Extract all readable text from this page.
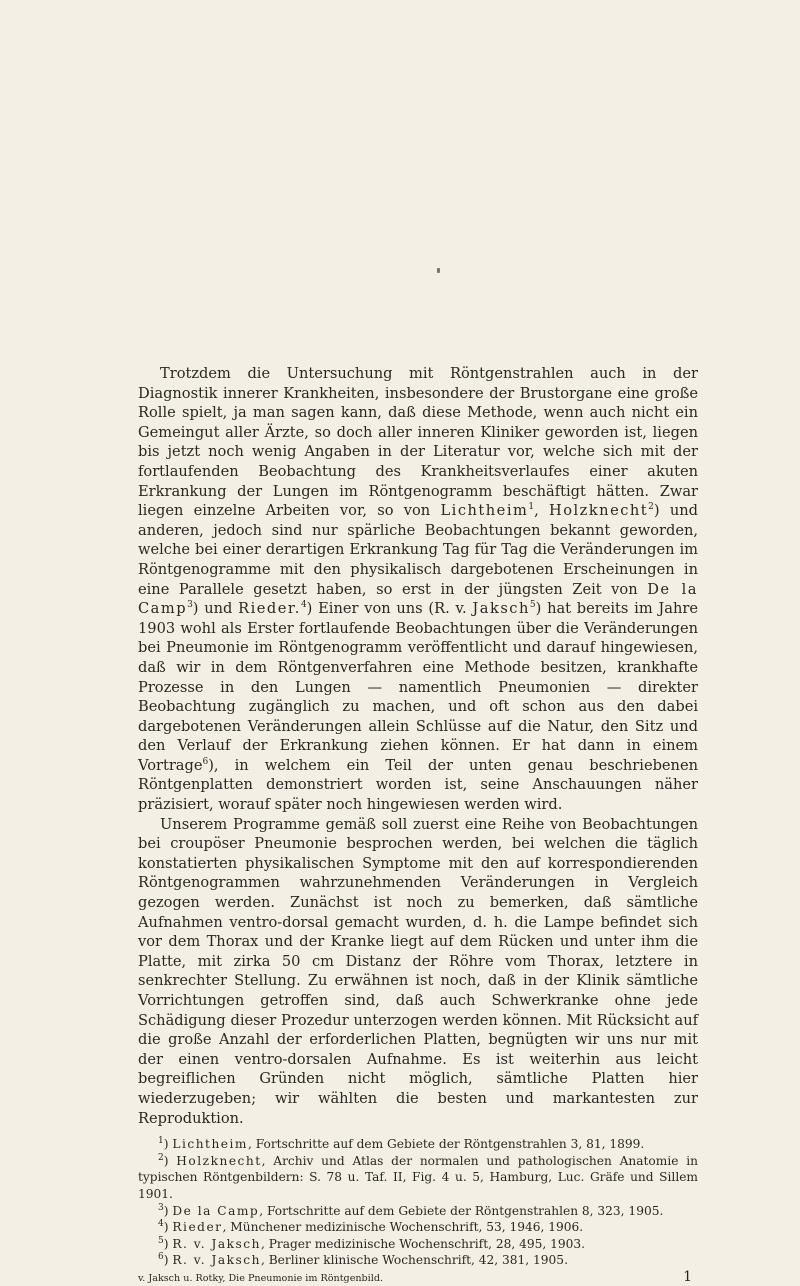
Trotzdem die Untersuchung mit Röntgenstrahlen auch in der Diagnostik innerer Krankheiten, insbesondere der Brustorgane eine große Rolle spielt, ja man sagen kann, daß diese Methode, wenn auch nicht ein Gemeingut aller Ärzte, so doch aller inneren Kliniker geworden ist, liegen bis jetzt noch wenig Angaben in der Literatur vor, welche sich mit der fortlaufenden Beobachtung des Krankheitsverlaufes einer akuten Erkrankung der Lungen im Röntgenogramm beschäftigt hätten. Zwar liegen einzelne Arbeiten vor, so von Lichtheim$^1$, Holzknecht$^2$) und anderen, jedoch sind nur spärliche Beobachtungen bekannt geworden, welche bei einer derartigen Erkrankung Tag für Tag die Veränderungen im Röntgenogramme mit den physikalisch dargebotenen Erscheinungen in eine Parallele gesetzt haben, so erst in der jüngsten Zeit von De la Camp$^3$) und Rieder.$^4$) Einer von uns (R. v. Jaksch$^5$) hat bereits im Jahre 1903 wohl als Erster fortlaufende Beobachtungen über die Veränderungen bei Pneumonie im Röntgenogramm veröffentlicht und darauf hingewiesen, daß wir in dem Röntgenverfahren eine Methode besitzen, krankhafte Prozesse in den Lungen — namentlich Pneumonien — direkter Beobachtung zugänglich zu machen, und oft schon aus den dabei dargebotenen Veränderungen allein Schlüsse auf die Natur, den Sitz und den Verlauf der Erkrankung ziehen können. Er hat dann in einem Vortrage$^6$), in welchem ein Teil der unten genau beschriebenen Röntgenplatten demonstriert worden ist, seine Anschauungen näher präzisiert, worauf später noch hingewiesen werden wird.

Unserem Programme gemäß soll zuerst eine Reihe von Beobachtungen bei croupöser Pneumonie besprochen werden, bei welchen die täglich konstatierten physikalischen Symptome mit den auf korrespondierenden Röntgenogrammen wahrzunehmenden Veränderungen in Vergleich gezogen werden. Zunächst ist noch zu bemerken, daß sämtliche Aufnahmen ventro-dorsal gemacht wurden, d. h. die Lampe befindet sich vor dem Thorax und der Kranke liegt auf dem Rücken und unter ihm die Platte, mit zirka 50 cm Distanz der Röhre vom Thorax, letztere in senkrechter Stellung. Zu erwähnen ist noch, daß in der Klinik sämtliche Vorrichtungen getroffen sind, daß auch Schwerkranke ohne jede Schädigung dieser Prozedur unterzogen werden können. Mit Rücksicht auf die große Anzahl der erforderlichen Platten, begnügten wir uns nur mit der einen ventro-dorsalen Aufnahme. Es ist weiterhin aus leicht begreiflichen Gründen nicht möglich, sämtliche Platten hier wiederzugeben; wir wählten die besten und markantesten zur Reproduktion.

$^1$) Lichtheim, Fortschritte auf dem Gebiete der Röntgenstrahlen 3, 81, 1899.

$^2$) Holzknecht, Archiv und Atlas der normalen und pathologischen Anatomie in typischen Röntgenbildern: S. 78 u. Taf. II, Fig. 4 u. 5, Hamburg, Luc. Gräfe und Sillem 1901.

$^3$) De la Camp, Fortschritte auf dem Gebiete der Röntgenstrahlen 8, 323, 1905.

$^4$) Rieder, Münchener medizinische Wochenschrift, 53, 1946, 1906.

$^5$) R. v. Jaksch, Prager medizinische Wochenschrift, 28, 495, 1903.

$^6$) R. v. Jaksch, Berliner klinische Wochenschrift, 42, 381, 1905.

v. Jaksch u. Rotky, Die Pneumonie im Röntgenbild.	1
